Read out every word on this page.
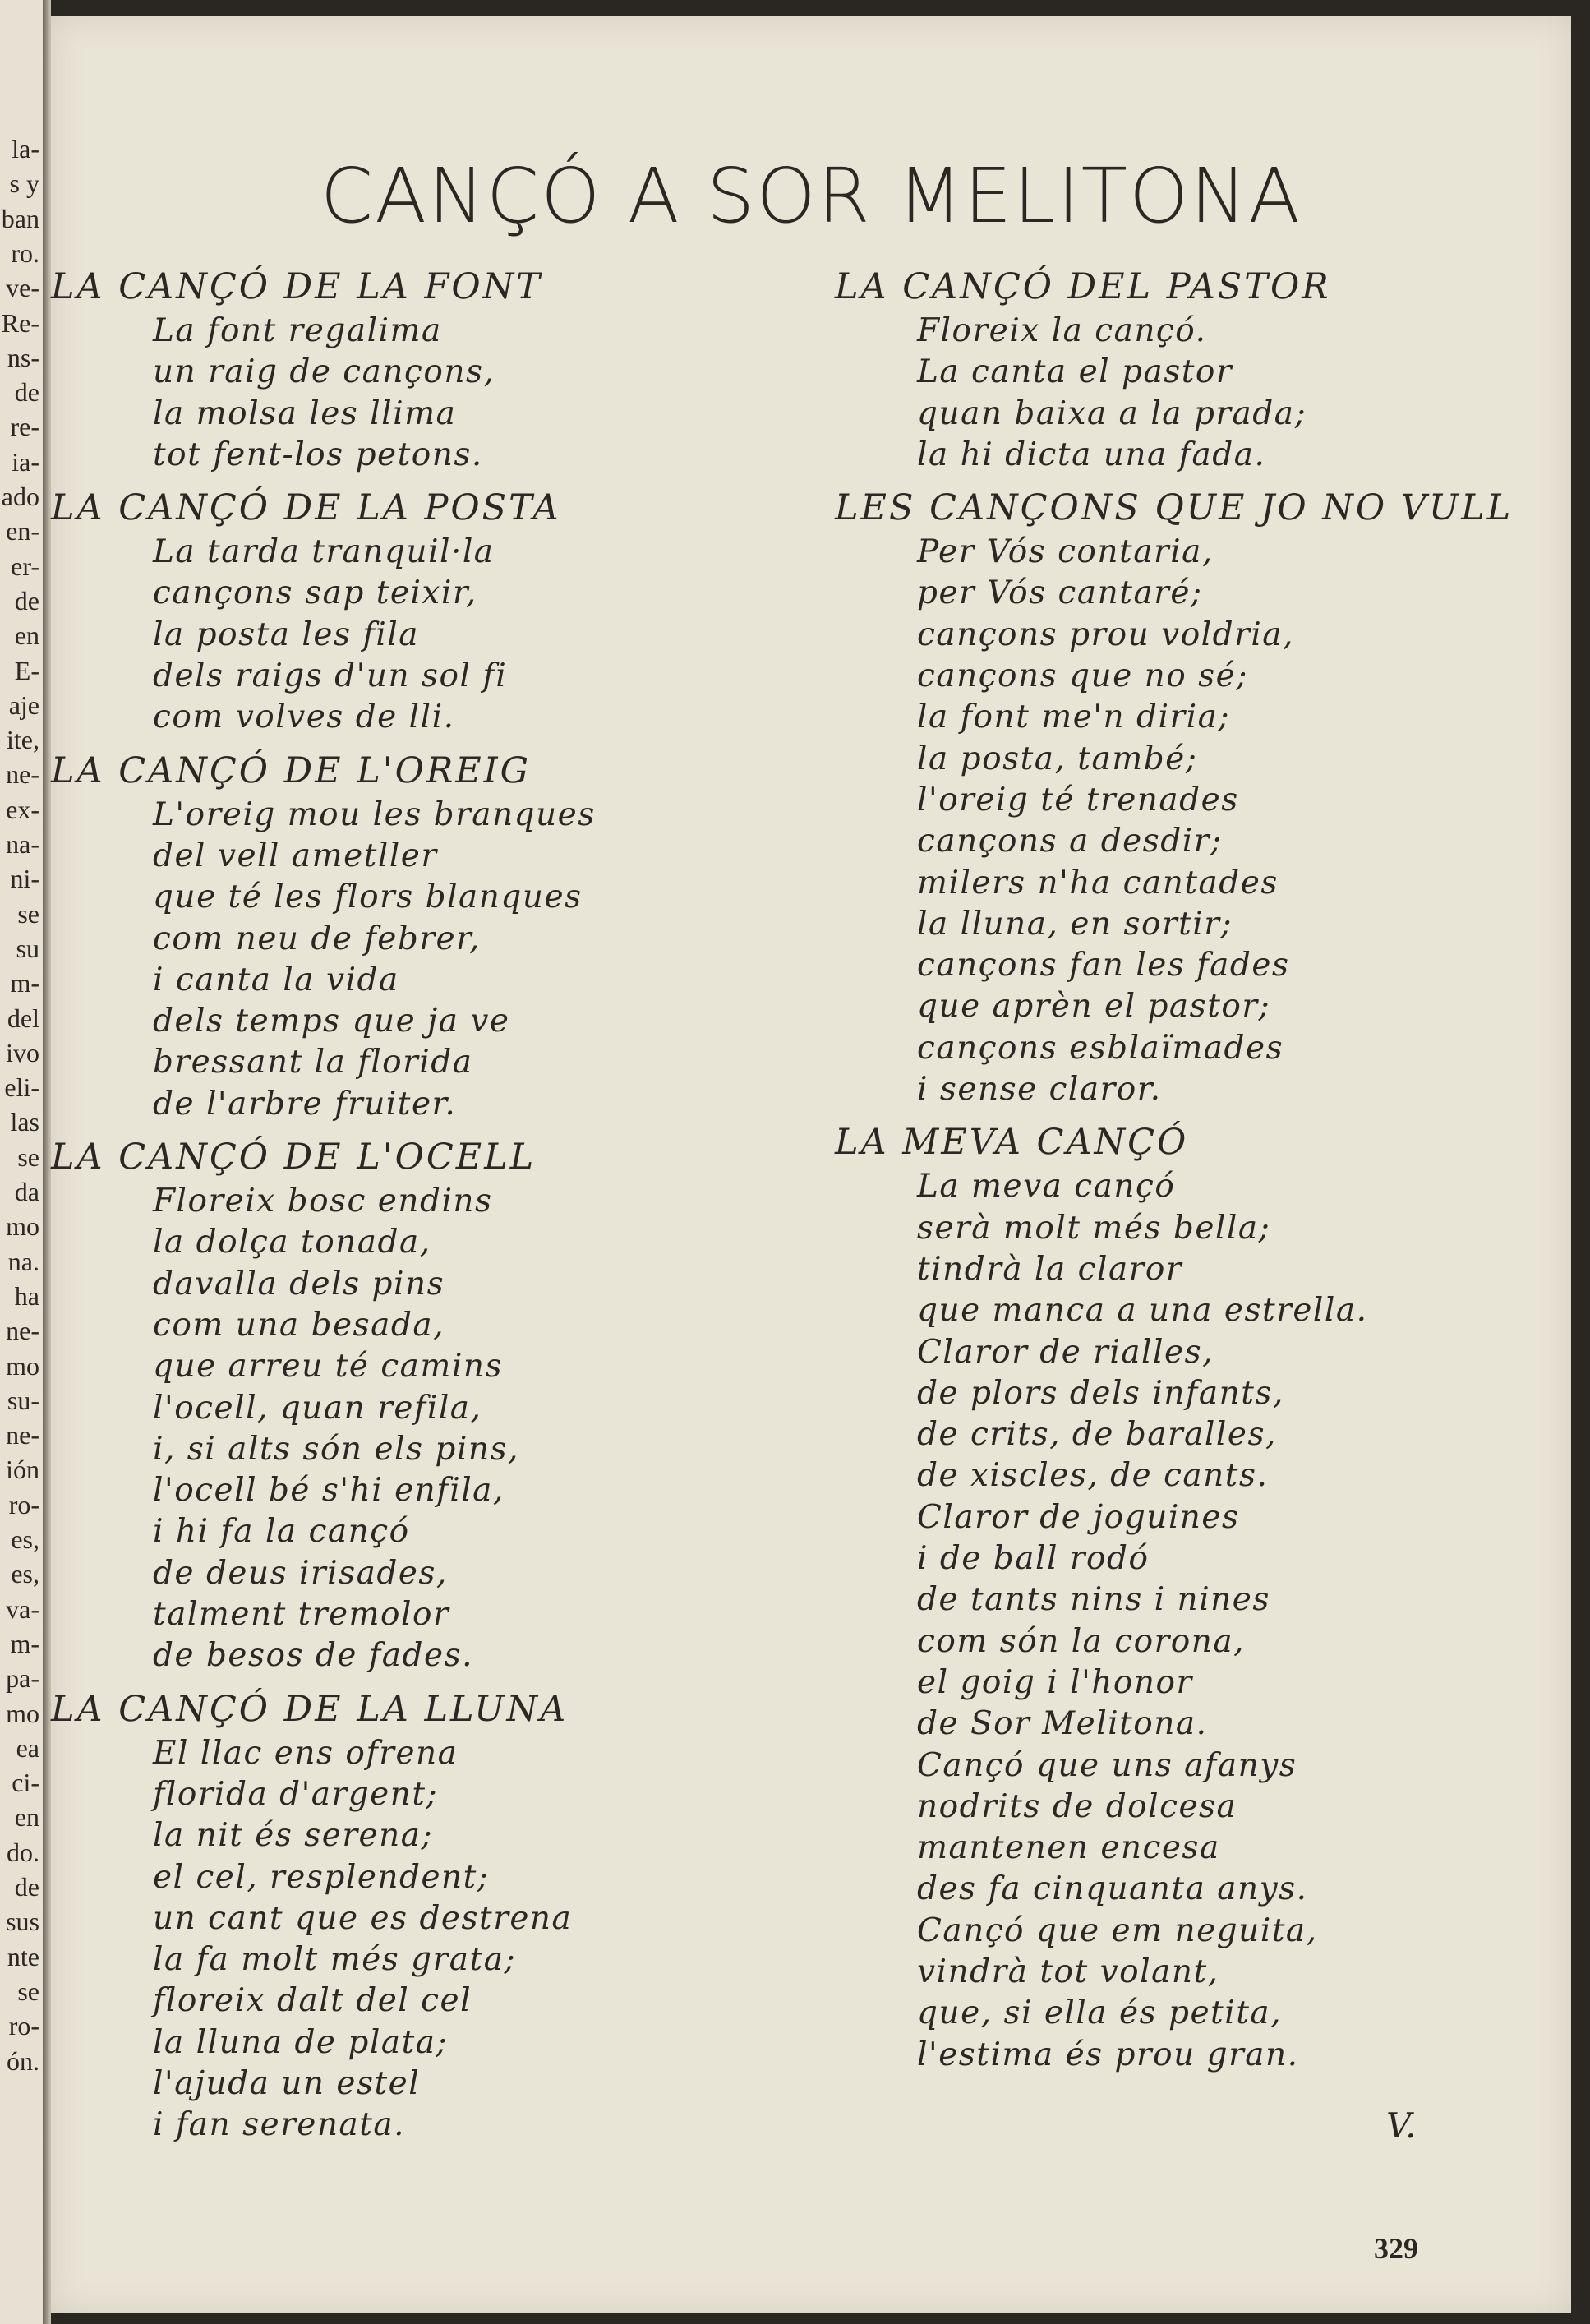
la-
s y
ban
ro.
ve-
Re-
ns-
de
re-
ia-
ado
en-
er-
de
en
E-
aje
ite,
ne-
ex-
na-
ni-
se
su
m-
del
ivo
eli-
las
se
da
mo
na.
ha
ne-
mo
su-
ne-
ión
ro-
es,
es,
va-
m-
pa-
mo
ea
ci-
en
do.
de
sus
nte
se
ro-
ón.
CANÇÓ A SOR MELITONA
LA CANÇÓ DE LA FONT
La font regalima
un raig de cançons,
la molsa les llima
tot fent-los petons.
LA CANÇÓ DE LA POSTA
La tarda tranquil·la
cançons sap teixir,
la posta les fila
dels raigs d'un sol fi
com volves de lli.
LA CANÇÓ DE L'OREIG
L'oreig mou les branques
del vell ametller
que té les flors blanques
com neu de febrer,
i canta la vida
dels temps que ja ve
bressant la florida
de l'arbre fruiter.
LA CANÇÓ DE L'OCELL
Floreix bosc endins
la dolça tonada,
davalla dels pins
com una besada,
que arreu té camins
l'ocell, quan refila,
i, si alts són els pins,
l'ocell bé s'hi enfila,
i hi fa la cançó
de deus irisades,
talment tremolor
de besos de fades.
LA CANÇÓ DE LA LLUNA
El llac ens ofrena
florida d'argent;
la nit és serena;
el cel, resplendent;
un cant que es destrena
la fa molt més grata;
floreix dalt del cel
la lluna de plata;
l'ajuda un estel
i fan serenata.
LA CANÇÓ DEL PASTOR
Floreix la cançó.
La canta el pastor
quan baixa a la prada;
la hi dicta una fada.
LES CANÇONS QUE JO NO VULL
Per Vós contaria,
per Vós cantaré;
cançons prou voldria,
cançons que no sé;
la font me'n diria;
la posta, també;
l'oreig té trenades
cançons a desdir;
milers n'ha cantades
la lluna, en sortir;
cançons fan les fades
que aprèn el pastor;
cançons esblaïmades
i sense claror.
LA MEVA CANÇÓ
La meva cançó
serà molt més bella;
tindrà la claror
que manca a una estrella.
Claror de rialles,
de plors dels infants,
de crits, de baralles,
de xiscles, de cants.
Claror de joguines
i de ball rodó
de tants nins i nines
com són la corona,
el goig i l'honor
de Sor Melitona.
Cançó que uns afanys
nodrits de dolcesa
mantenen encesa
des fa cinquanta anys.
Cançó que em neguita,
vindrà tot volant,
que, si ella és petita,
l'estima és prou gran.
V.
329
